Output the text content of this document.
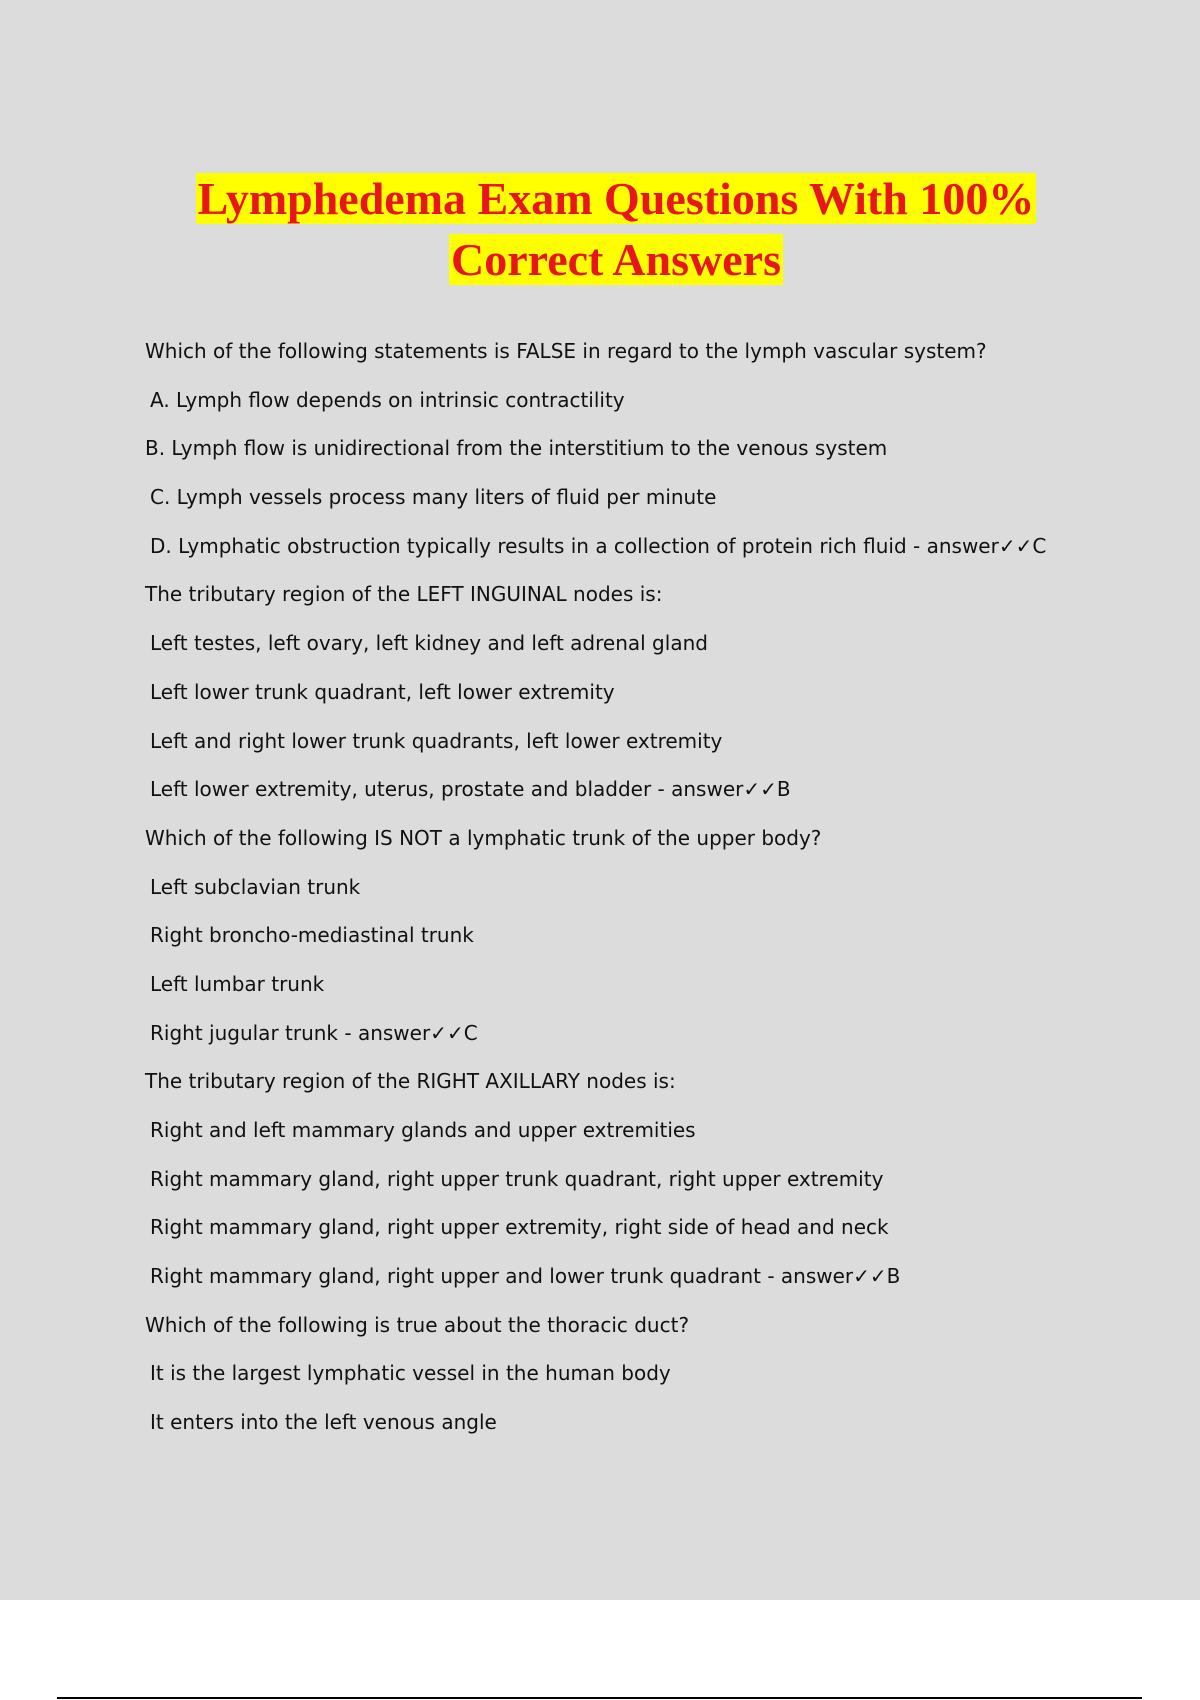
Lymphedema Exam Questions With 100%
Correct Answers
Which of the following statements is FALSE in regard to the lymph vascular system?
A. Lymph flow depends on intrinsic contractility
B. Lymph flow is unidirectional from the interstitium to the venous system
C. Lymph vessels process many liters of fluid per minute
D. Lymphatic obstruction typically results in a collection of protein rich fluid - answer✓✓C
The tributary region of the LEFT INGUINAL nodes is:
Left testes, left ovary, left kidney and left adrenal gland
Left lower trunk quadrant, left lower extremity
Left and right lower trunk quadrants, left lower extremity
Left lower extremity, uterus, prostate and bladder - answer✓✓B
Which of the following IS NOT a lymphatic trunk of the upper body?
Left subclavian trunk
Right broncho-mediastinal trunk
Left lumbar trunk
Right jugular trunk - answer✓✓C
The tributary region of the RIGHT AXILLARY nodes is:
Right and left mammary glands and upper extremities
Right mammary gland, right upper trunk quadrant, right upper extremity
Right mammary gland, right upper extremity, right side of head and neck
Right mammary gland, right upper and lower trunk quadrant - answer✓✓B
Which of the following is true about the thoracic duct?
It is the largest lymphatic vessel in the human body
It enters into the left venous angle
